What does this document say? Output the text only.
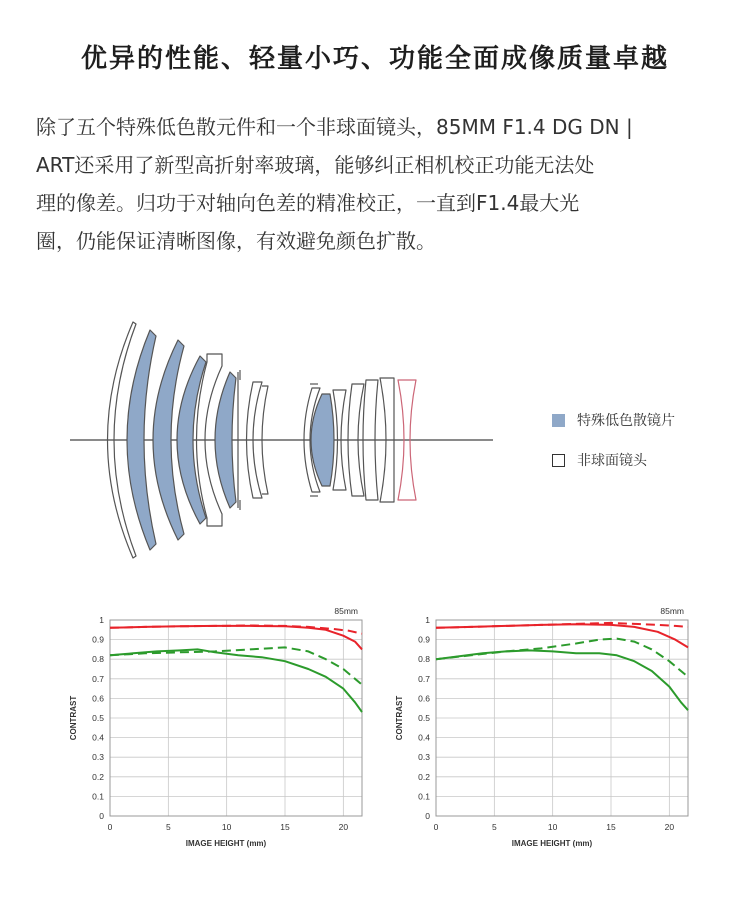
优异的性能、轻量小巧、功能全面成像质量卓越
除了五个特殊低色散元件和一个非球面镜头，85MM F1.4 DG DN |
ART还采用了新型高折射率玻璃，能够纠正相机校正功能无法处
理的像差。归功于对轴向色差的精准校正，一直到F1.4最大光
圈，仍能保证清晰图像，有效避免颜色扩散。
特殊低色散镜片
非球面镜头
0
0.1
0.2
0.3
0.4
0.5
0.6
0.7
0.8
0.9
1
0	5	10	15	20
85mm
IMAGE HEIGHT (mm)
CONTRAST
0
0.1
0.2
0.3
0.4
0.5
0.6
0.7
0.8
0.9
1
0	5	10	15	20
85mm
IMAGE HEIGHT (mm)
CONTRAST
